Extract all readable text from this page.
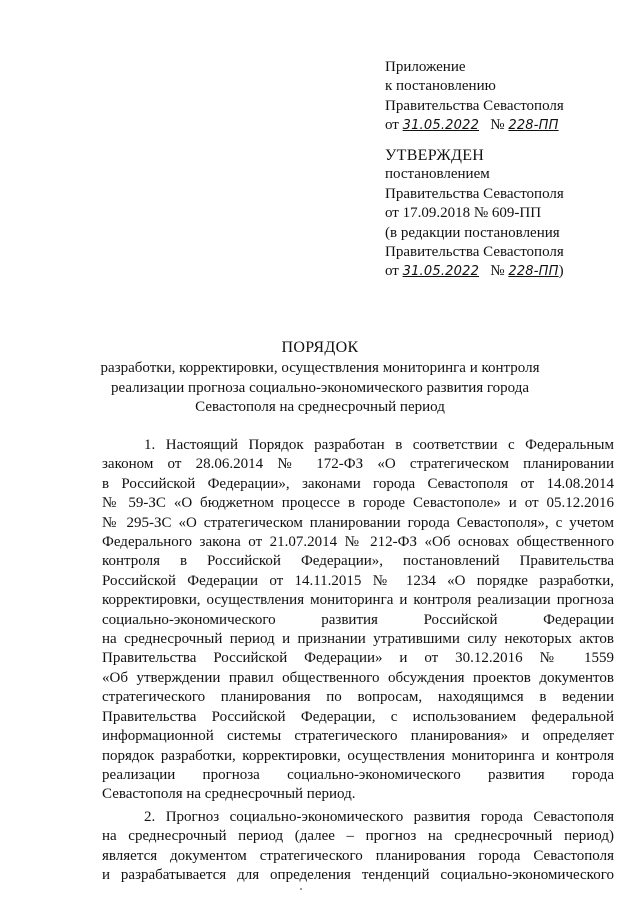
Приложение
к постановлению
Правительства Севастополя
от 31.05.2022 № 228-ПП
УТВЕРЖДЕН
постановлением
Правительства Севастополя
от 17.09.2018 № 609-ПП
(в редакции постановления
Правительства Севастополя
от 31.05.2022 № 228-ПП)
ПОРЯДОК
разработки, корректировки, осуществления мониторинга и контроля
реализации прогноза социально-экономического развития города
Севастополя на среднесрочный период
1. Настоящий Порядок разработан в соответствии с Федеральным
законом от 28.06.2014 № 172-ФЗ «О стратегическом планировании
в Российской Федерации», законами города Севастополя от 14.08.2014
№ 59-ЗС «О бюджетном процессе в городе Севастополе» и от 05.12.2016
№ 295-ЗС «О стратегическом планировании города Севастополя», с учетом
Федерального закона от 21.07.2014 № 212-ФЗ «Об основах общественного
контроля в Российской Федерации», постановлений Правительства
Российской Федерации от 14.11.2015 № 1234 «О порядке разработки,
корректировки, осуществления мониторинга и контроля реализации прогноза
социально-экономического развития Российской Федерации
на среднесрочный период и признании утратившими силу некоторых актов
Правительства Российской Федерации» и от 30.12.2016 № 1559
«Об утверждении правил общественного обсуждения проектов документов
стратегического планирования по вопросам, находящимся в ведении
Правительства Российской Федерации, с использованием федеральной
информационной системы стратегического планирования» и определяет
порядок разработки, корректировки, осуществления мониторинга и контроля
реализации прогноза социально-экономического развития города
Севастополя на среднесрочный период.
2. Прогноз социально-экономического развития города Севастополя
на среднесрочный период (далее – прогноз на среднесрочный период)
является документом стратегического планирования города Севастополя
и разрабатывается для определения тенденций социально-экономического
